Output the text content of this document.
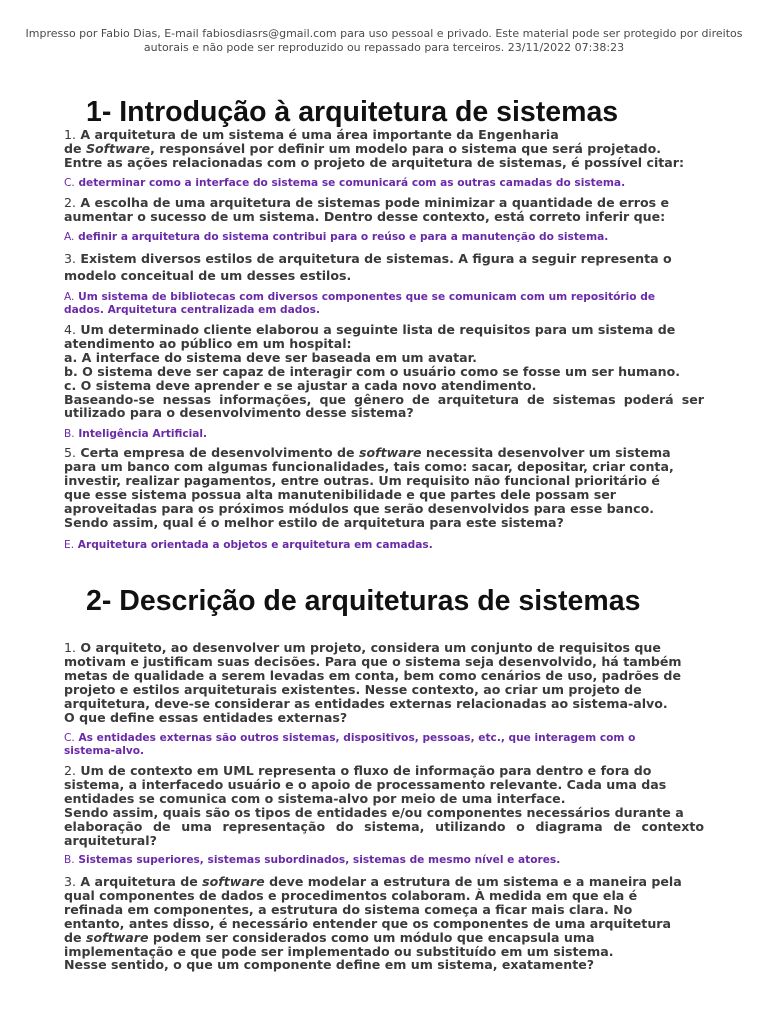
Impresso por Fabio Dias, E-mail fabiosdiasrs@gmail.com para uso pessoal e privado. Este material pode ser protegido por direitos
autorais e não pode ser reproduzido ou repassado para terceiros. 23/11/2022 07:38:23
1- Introdução à arquitetura de sistemas
1. A arquitetura de um sistema é uma área importante da Engenharia
de Software, responsável por definir um modelo para o sistema que será projetado.
Entre as ações relacionadas com o projeto de arquitetura de sistemas, é possível citar:
C. determinar como a interface do sistema se comunicará com as outras camadas do sistema.
2. A escolha de uma arquitetura de sistemas pode minimizar a quantidade de erros e
aumentar o sucesso de um sistema. Dentro desse contexto, está correto inferir que:
A. definir a arquitetura do sistema contribui para o reúso e para a manutenção do sistema.
3. Existem diversos estilos de arquitetura de sistemas. A figura a seguir representa o
modelo conceitual de um desses estilos.
A. Um sistema de bibliotecas com diversos componentes que se comunicam com um repositório de
dados. Arquitetura centralizada em dados.
4. Um determinado cliente elaborou a seguinte lista de requisitos para um sistema de
atendimento ao público em um hospital:
a. A interface do sistema deve ser baseada em um avatar.
b. O sistema deve ser capaz de interagir com o usuário como se fosse um ser humano.
c. O sistema deve aprender e se ajustar a cada novo atendimento.
Baseando-se nessas informações, que gênero de arquitetura de sistemas poderá ser
utilizado para o desenvolvimento desse sistema?
B. Inteligência Artificial.
5. Certa empresa de desenvolvimento de software necessita desenvolver um sistema
para um banco com algumas funcionalidades, tais como: sacar, depositar, criar conta,
investir, realizar pagamentos, entre outras. Um requisito não funcional prioritário é
que esse sistema possua alta manutenibilidade e que partes dele possam ser
aproveitadas para os próximos módulos que serão desenvolvidos para esse banco.
Sendo assim, qual é o melhor estilo de arquitetura para este sistema?
E. Arquitetura orientada a objetos e arquitetura em camadas.
2- Descrição de arquiteturas de sistemas
1. O arquiteto, ao desenvolver um projeto, considera um conjunto de requisitos que
motivam e justificam suas decisões. Para que o sistema seja desenvolvido, há também
metas de qualidade a serem levadas em conta, bem como cenários de uso, padrões de
projeto e estilos arquiteturais existentes. Nesse contexto, ao criar um projeto de
arquitetura, deve-se considerar as entidades externas relacionadas ao sistema-alvo.
O que define essas entidades externas?
C. As entidades externas são outros sistemas, dispositivos, pessoas, etc., que interagem com o
sistema-alvo.
2. Um de contexto em UML representa o fluxo de informação para dentro e fora do
sistema, a interfacedo usuário e o apoio de processamento relevante. Cada uma das
entidades se comunica com o sistema-alvo por meio de uma interface.
Sendo assim, quais são os tipos de entidades e/ou componentes necessários durante a
elaboração de uma representação do sistema, utilizando o diagrama de contexto
arquitetural?
B. Sistemas superiores, sistemas subordinados, sistemas de mesmo nível e atores.
3. A arquitetura de software deve modelar a estrutura de um sistema e a maneira pela
qual componentes de dados e procedimentos colaboram. À medida em que ela é
refinada em componentes, a estrutura do sistema começa a ficar mais clara. No
entanto, antes disso, é necessário entender que os componentes de uma arquitetura
de software podem ser considerados como um módulo que encapsula uma
implementação e que pode ser implementado ou substituído em um sistema.
Nesse sentido, o que um componente define em um sistema, exatamente?
